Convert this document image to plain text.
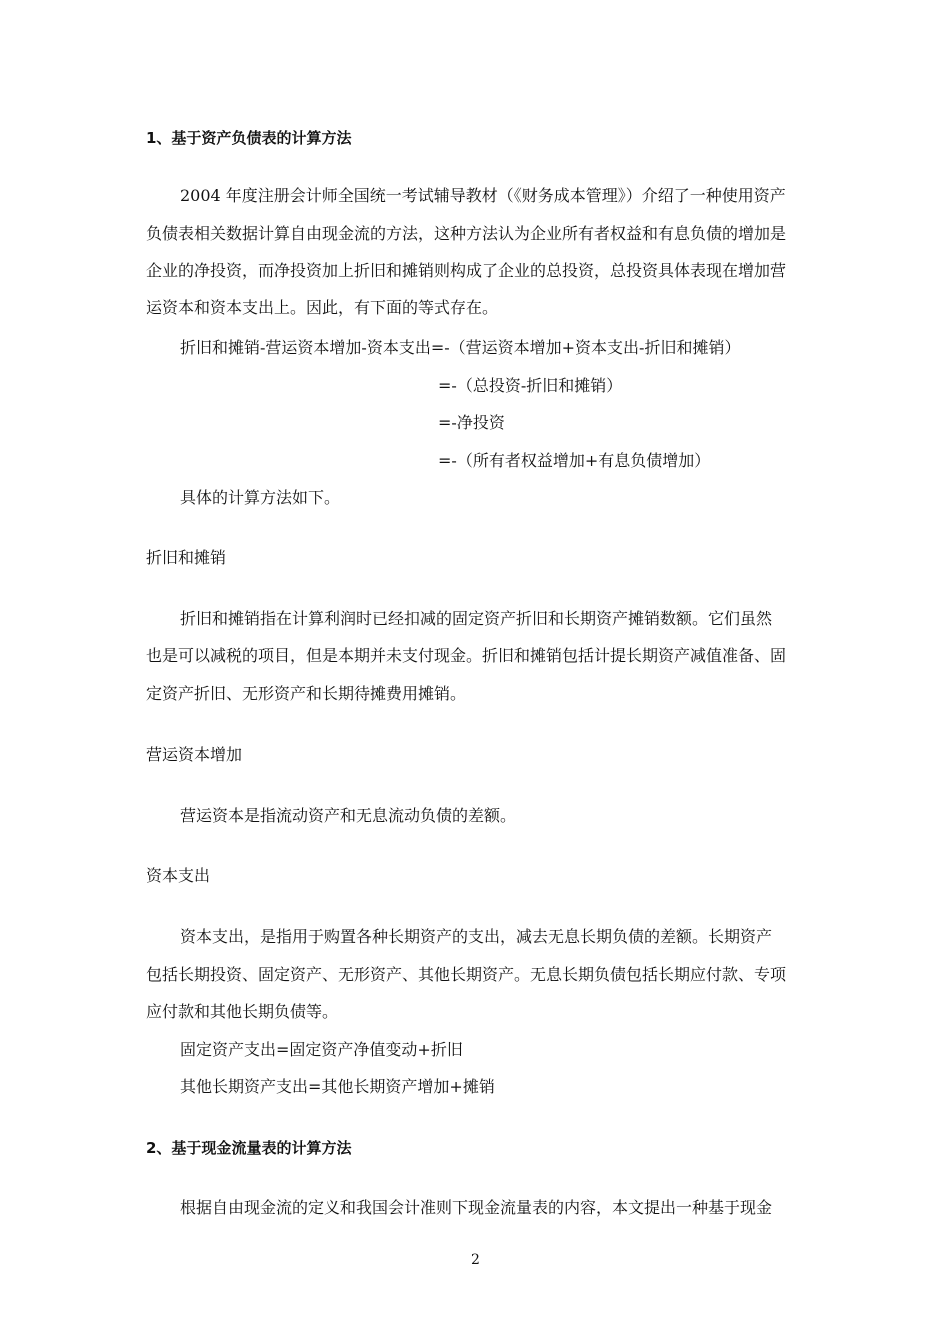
1、基于资产负债表的计算方法
2004 年度注册会计师全国统一考试辅导教材（《财务成本管理》）介绍了一种使用资产
负债表相关数据计算自由现金流的方法，这种方法认为企业所有者权益和有息负债的增加是
企业的净投资，而净投资加上折旧和摊销则构成了企业的总投资，总投资具体表现在增加营
运资本和资本支出上。因此，有下面的等式存在。
折旧和摊销-营运资本增加-资本支出=-（营运资本增加+资本支出-折旧和摊销）
=-（总投资-折旧和摊销）
=-净投资
=-（所有者权益增加+有息负债增加）
具体的计算方法如下。
折旧和摊销
折旧和摊销指在计算利润时已经扣减的固定资产折旧和长期资产摊销数额。它们虽然
也是可以减税的项目，但是本期并未支付现金。折旧和摊销包括计提长期资产减值准备、固
定资产折旧、无形资产和长期待摊费用摊销。
营运资本增加
营运资本是指流动资产和无息流动负债的差额。
资本支出
资本支出，是指用于购置各种长期资产的支出，减去无息长期负债的差额。长期资产
包括长期投资、固定资产、无形资产、其他长期资产。无息长期负债包括长期应付款、专项
应付款和其他长期负债等。
固定资产支出=固定资产净值变动+折旧
其他长期资产支出=其他长期资产增加+摊销
2、基于现金流量表的计算方法
根据自由现金流的定义和我国会计准则下现金流量表的内容，本文提出一种基于现金
2
